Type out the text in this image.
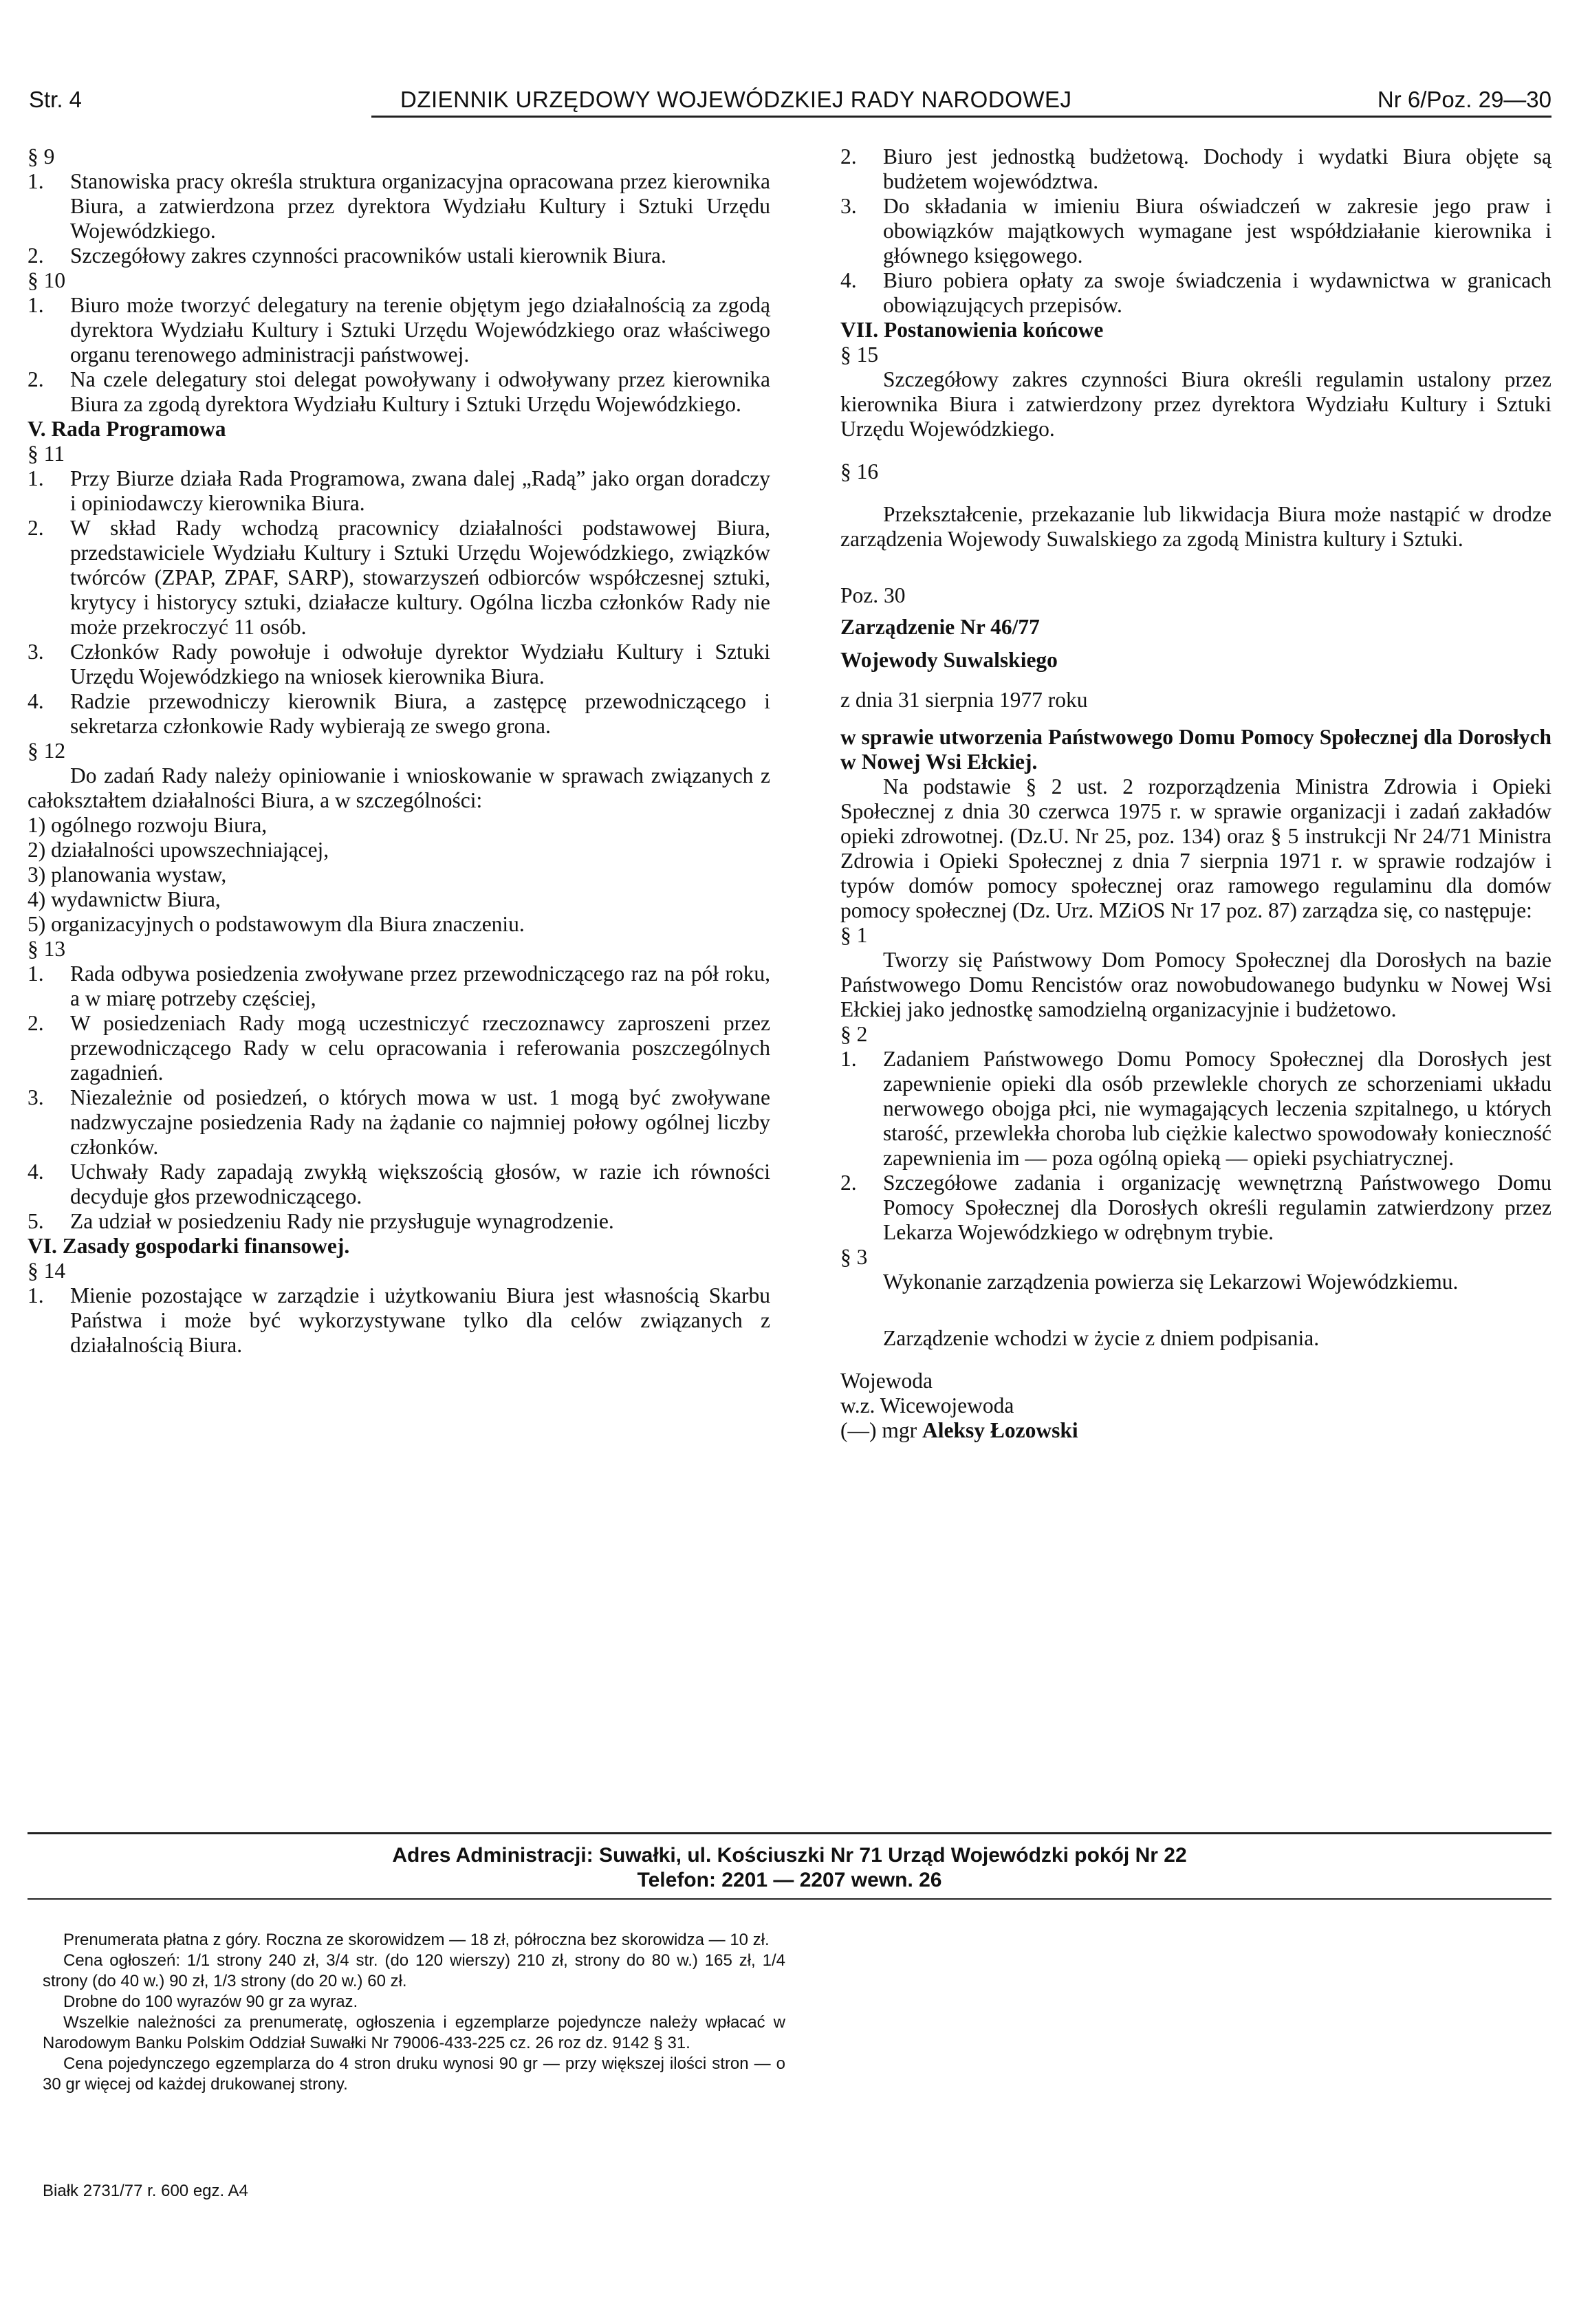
Str. 4	DZIENNIK URZĘDOWY WOJEWÓDZKIEJ RADY NARODOWEJ	Nr 6/Poz. 29—30

§ 9

1. Stanowiska pracy określa struktura organizacyjna opracowana przez kierownika Biura, a zatwierdzona przez dyrektora Wydziału Kultury i Sztuki Urzędu Wojewódzkiego.

2. Szczegółowy zakres czynności pracowników ustali kierownik Biura.

§ 10

1. Biuro może tworzyć delegatury na terenie objętym jego działalnością za zgodą dyrektora Wydziału Kultury i Sztuki Urzędu Wojewódzkiego oraz właściwego organu terenowego administracji państwowej.

2. Na czele delegatury stoi delegat powoływany i odwoływany przez kierownika Biura za zgodą dyrektora Wydziału Kultury i Sztuki Urzędu Wojewódzkiego.

V. Rada Programowa

§ 11

1. Przy Biurze działa Rada Programowa, zwana dalej „Radą” jako organ doradczy i opiniodawczy kierownika Biura.

2. W skład Rady wchodzą pracownicy działalności podstawowej Biura, przedstawiciele Wydziału Kultury i Sztuki Urzędu Wojewódzkiego, związków twórców (ZPAP, ZPAF, SARP), stowarzyszeń odbiorców współczesnej sztuki, krytycy i historycy sztuki, działacze kultury. Ogólna liczba członków Rady nie może przekroczyć 11 osób.

3. Członków Rady powołuje i odwołuje dyrektor Wydziału Kultury i Sztuki Urzędu Wojewódzkiego na wniosek kierownika Biura.

4. Radzie przewodniczy kierownik Biura, a zastępcę przewodniczącego i sekretarza członkowie Rady wybierają ze swego grona.

§ 12

Do zadań Rady należy opiniowanie i wnioskowanie w sprawach związanych z całokształtem działalności Biura, a w szczególności:

1) ogólnego rozwoju Biura,

2) działalności upowszechniającej,

3) planowania wystaw,

4) wydawnictw Biura,

5) organizacyjnych o podstawowym dla Biura znaczeniu.

§ 13

1. Rada odbywa posiedzenia zwoływane przez przewodniczącego raz na pół roku, a w miarę potrzeby częściej,

2. W posiedzeniach Rady mogą uczestniczyć rzeczoznawcy zaproszeni przez przewodniczącego Rady w celu opracowania i referowania poszczególnych zagadnień.

3. Niezależnie od posiedzeń, o których mowa w ust. 1 mogą być zwoływane nadzwyczajne posiedzenia Rady na żądanie co najmniej połowy ogólnej liczby członków.

4. Uchwały Rady zapadają zwykłą większością głosów, w razie ich równości decyduje głos przewodniczącego.

5. Za udział w posiedzeniu Rady nie przysługuje wynagrodzenie.

VI. Zasady gospodarki finansowej.

§ 14

1. Mienie pozostające w zarządzie i użytkowaniu Biura jest własnością Skarbu Państwa i może być wykorzystywane tylko dla celów związanych z działalnością Biura.

2. Biuro jest jednostką budżetową. Dochody i wydatki Biura objęte są budżetem województwa.

3. Do składania w imieniu Biura oświadczeń w zakresie jego praw i obowiązków majątkowych wymagane jest współdziałanie kierownika i głównego księgowego.

4. Biuro pobiera opłaty za swoje świadczenia i wydawnictwa w granicach obowiązujących przepisów.

VII. Postanowienia końcowe

§ 15

Szczegółowy zakres czynności Biura określi regulamin ustalony przez kierownika Biura i zatwierdzony przez dyrektora Wydziału Kultury i Sztuki Urzędu Wojewódzkiego.

§ 16

Przekształcenie, przekazanie lub likwidacja Biura może nastąpić w drodze zarządzenia Wojewody Suwalskiego za zgodą Ministra kultury i Sztuki.

Poz. 30

Zarządzenie Nr 46/77

Wojewody Suwalskiego

z dnia 31 sierpnia 1977 roku

w sprawie utworzenia Państwowego Domu Pomocy Społecznej dla Dorosłych w Nowej Wsi Ełckiej.

Na podstawie § 2 ust. 2 rozporządzenia Ministra Zdrowia i Opieki Społecznej z dnia 30 czerwca 1975 r. w sprawie organizacji i zadań zakładów opieki zdrowotnej. (Dz.U. Nr 25, poz. 134) oraz § 5 instrukcji Nr 24/71 Ministra Zdrowia i Opieki Społecznej z dnia 7 sierpnia 1971 r. w sprawie rodzajów i typów domów pomocy społecznej oraz ramowego regulaminu dla domów pomocy społecznej (Dz. Urz. MZiOS Nr 17 poz. 87) zarządza się, co następuje:

§ 1

Tworzy się Państwowy Dom Pomocy Społecznej dla Dorosłych na bazie Państwowego Domu Rencistów oraz nowobudowanego budynku w Nowej Wsi Ełckiej jako jednostkę samodzielną organizacyjnie i budżetowo.

§ 2

1. Zadaniem Państwowego Domu Pomocy Społecznej dla Dorosłych jest zapewnienie opieki dla osób przewlekle chorych ze schorzeniami układu nerwowego obojga płci, nie wymagających leczenia szpitalnego, u których starość, przewlekła choroba lub ciężkie kalectwo spowodowały konieczność zapewnienia im — poza ogólną opieką — opieki psychiatrycznej.

2. Szczegółowe zadania i organizację wewnętrzną Państwowego Domu Pomocy Społecznej dla Dorosłych określi regulamin zatwierdzony przez Lekarza Wojewódzkiego w odrębnym trybie.

§ 3

Wykonanie zarządzenia powierza się Lekarzowi Wojewódzkiemu.

Zarządzenie wchodzi w życie z dniem podpisania.

Wojewoda

w.z. Wicewojewoda

(—) mgr Aleksy Łozowski

Adres Administracji: Suwałki, ul. Kościuszki Nr 71 Urząd Wojewódzki pokój Nr 22
Telefon: 2201 — 2207 wewn. 26

Prenumerata płatna z góry. Roczna ze skorowidzem — 18 zł, półroczna bez skorowidza — 10 zł.

Cena ogłoszeń: 1/1 strony 240 zł, 3/4 str. (do 120 wierszy) 210 zł, strony do 80 w.) 165 zł, 1/4 strony (do 40 w.) 90 zł, 1/3 strony (do 20 w.) 60 zł.

Drobne do 100 wyrazów 90 gr za wyraz.

Wszelkie należności za prenumeratę, ogłoszenia i egzemplarze pojedyncze należy wpłacać w Narodowym Banku Polskim Oddział Suwałki Nr 79006-433-225 cz. 26 roz dz. 9142 § 31.

Cena pojedynczego egzemplarza do 4 stron druku wynosi 90 gr — przy większej ilości stron — o 30 gr więcej od każdej drukowanej strony.

Białk 2731/77 r. 600 egz. A4
